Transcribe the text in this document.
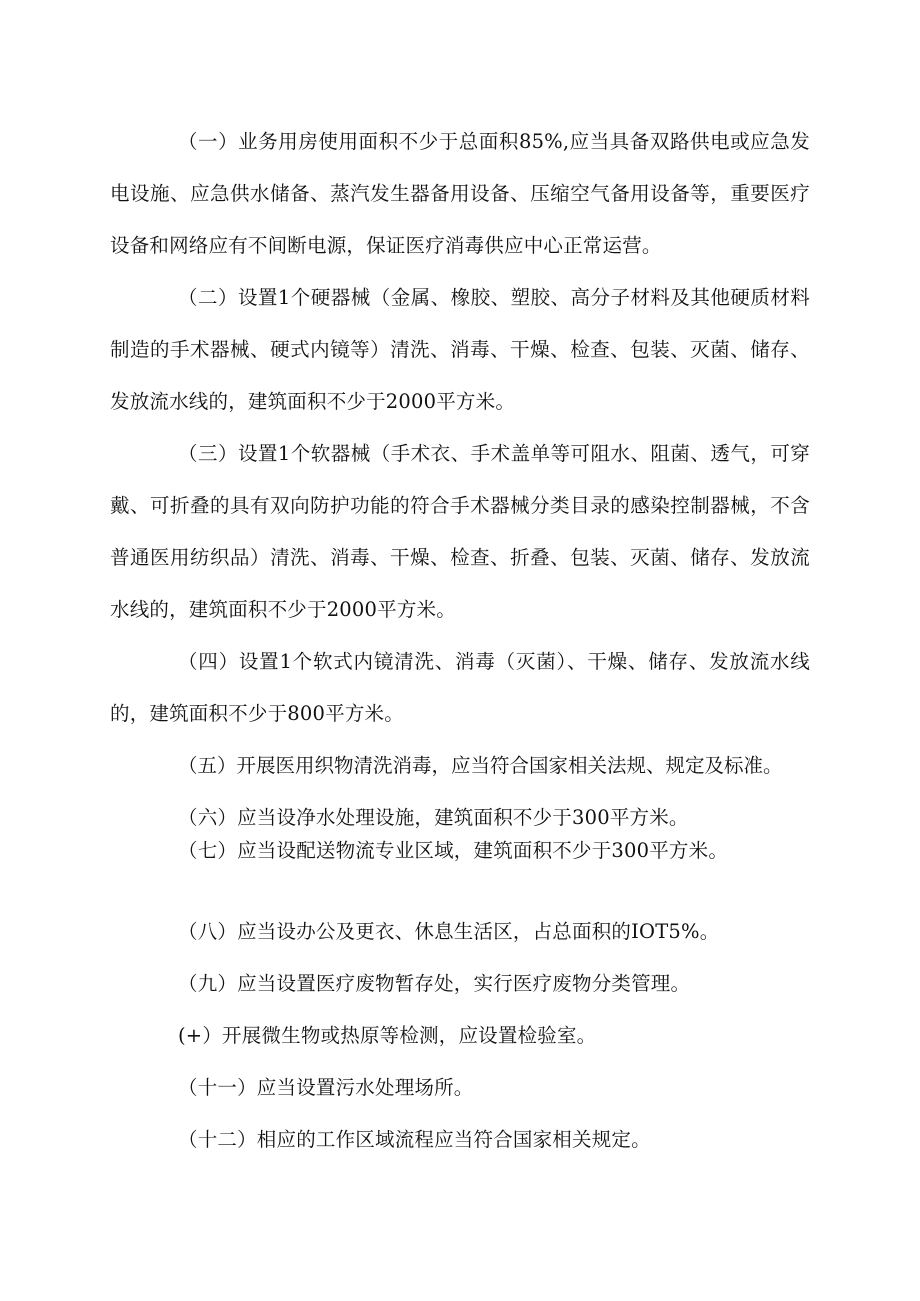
（一）业务用房使用面积不少于总面积85%,应当具备双路供电或应急发电设施、应急供水储备、蒸汽发生器备用设备、压缩空气备用设备等，重要医疗设备和网络应有不间断电源，保证医疗消毒供应中心正常运营。

（二）设置1个硬器械（金属、橡胶、塑胶、高分子材料及其他硬质材料制造的手术器械、硬式内镜等）清洗、消毒、干燥、检查、包装、灭菌、储存、发放流水线的，建筑面积不少于2000平方米。

（三）设置1个软器械（手术衣、手术盖单等可阻水、阻菌、透气，可穿戴、可折叠的具有双向防护功能的符合手术器械分类目录的感染控制器械，不含普通医用纺织品）清洗、消毒、干燥、检查、折叠、包装、灭菌、储存、发放流水线的，建筑面积不少于2000平方米。

（四）设置1个软式内镜清洗、消毒（灭菌）、干燥、储存、发放流水线的，建筑面积不少于800平方米。

（五）开展医用织物清洗消毒，应当符合国家相关法规、规定及标准。

（六）应当设净水处理设施，建筑面积不少于300平方米。

（七）应当设配送物流专业区域，建筑面积不少于300平方米。

（八）应当设办公及更衣、休息生活区，占总面积的IOT5%。

（九）应当设置医疗废物暂存处，实行医疗废物分类管理。

(+）开展微生物或热原等检测，应设置检验室。

（十一）应当设置污水处理场所。

（十二）相应的工作区域流程应当符合国家相关规定。
